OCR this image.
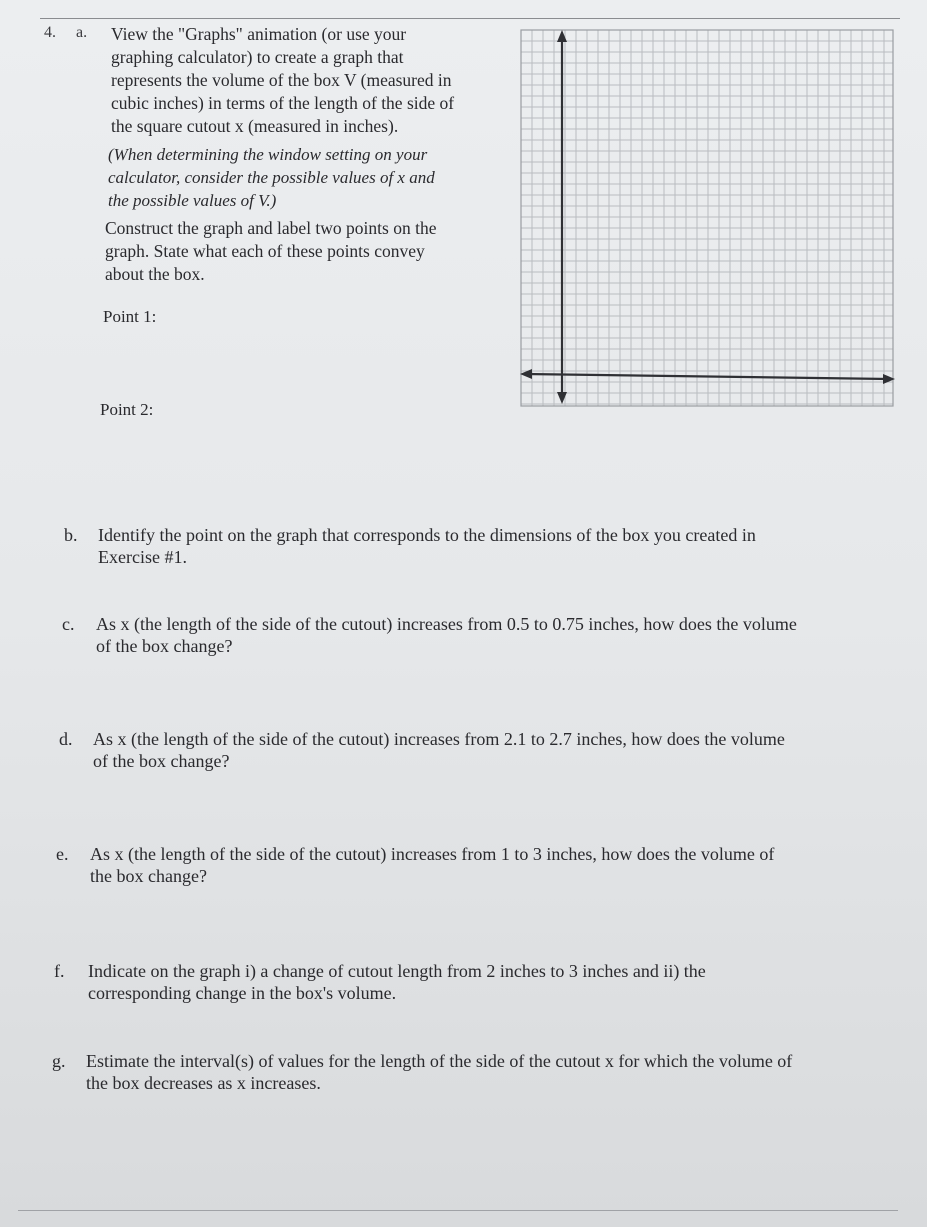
4. a. View the "Graphs" animation (or use your

graphing calculator) to create a graph that

represents the volume of the box V (measured in

cubic inches) in terms of the length of the side of

the square cutout x (measured in inches).

(When determining the window setting on your

calculator, consider the possible values of x and

the possible values of V.)

Construct the graph and label two points on the

graph. State what each of these points convey

about the box.

Point 1:
Point 2:
b. Identify the point on the graph that corresponds to the dimensions of the box you created in

Exercise #1.

c. As x (the length of the side of the cutout) increases from 0.5 to 0.75 inches, how does the volume

of the box change?

d. As x (the length of the side of the cutout) increases from 2.1 to 2.7 inches, how does the volume

of the box change?

e. As x (the length of the side of the cutout) increases from 1 to 3 inches, how does the volume of

the box change?

f. Indicate on the graph i) a change of cutout length from 2 inches to 3 inches and ii) the

corresponding change in the box's volume.

g. Estimate the interval(s) of values for the length of the side of the cutout x for which the volume of

the box decreases as x increases.
